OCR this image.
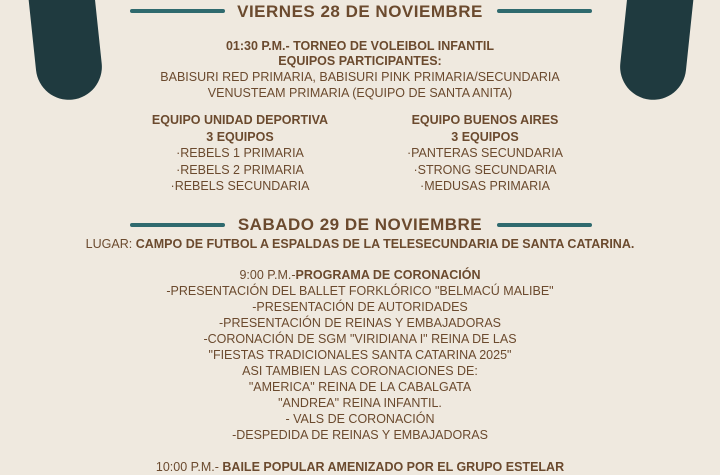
VIERNES 28 DE NOVIEMBRE
01:30 P.M.- TORNEO DE VOLEIBOL INFANTIL
EQUIPOS PARTICIPANTES:
BABISURI RED PRIMARIA, BABISURI PINK PRIMARIA/SECUNDARIA
VENUSTEAM PRIMARIA (EQUIPO DE SANTA ANITA)
EQUIPO UNIDAD DEPORTIVA
3 EQUIPOS
·REBELS 1 PRIMARIA
·REBELS 2 PRIMARIA
·REBELS SECUNDARIA
EQUIPO BUENOS AIRES
3 EQUIPOS
·PANTERAS SECUNDARIA
·STRONG SECUNDARIA
·MEDUSAS PRIMARIA
SABADO 29 DE NOVIEMBRE
LUGAR: CAMPO DE FUTBOL A ESPALDAS DE LA TELESECUNDARIA DE SANTA CATARINA.
9:00 P.M.-PROGRAMA DE CORONACIÓN
-PRESENTACIÓN DEL BALLET FORKLÓRICO "BELMACÚ MALIBE"
-PRESENTACIÓN DE AUTORIDADES
-PRESENTACIÓN DE REINAS Y EMBAJADORAS
-CORONACIÓN DE SGM "VIRIDIANA I" REINA DE LAS
"FIESTAS TRADICIONALES SANTA CATARINA 2025"
ASI TAMBIEN LAS CORONACIONES DE:
"AMERICA" REINA DE LA CABALGATA
"ANDREA" REINA INFANTIL.
- VALS DE CORONACIÓN
-DESPEDIDA DE REINAS Y EMBAJADORAS
10:00 P.M.- BAILE POPULAR AMENIZADO POR EL GRUPO ESTELAR
